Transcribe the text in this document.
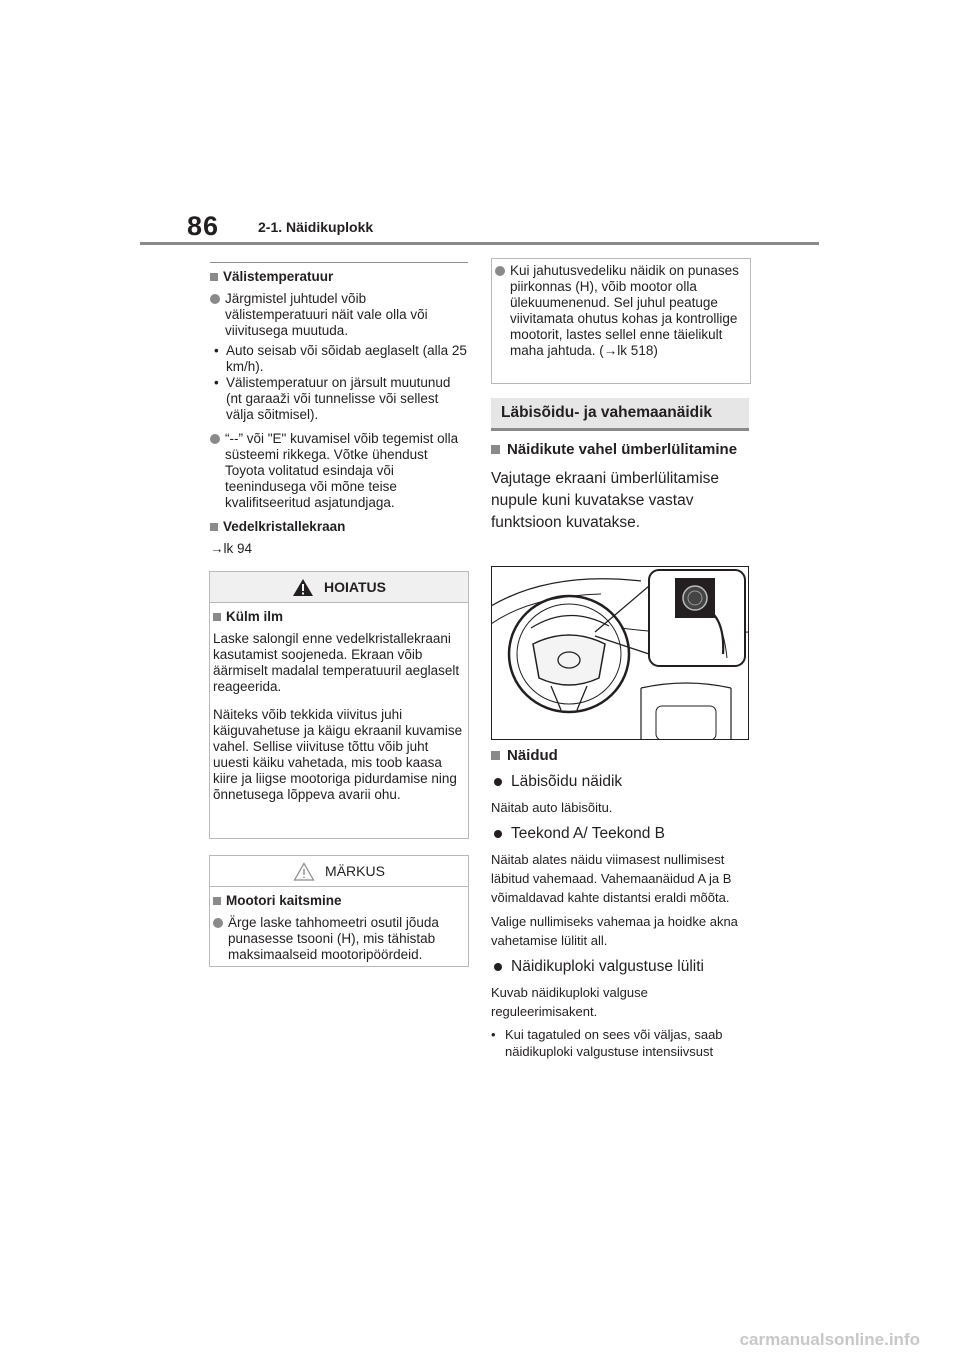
86	2-1. Näidikuplokk
Välistemperatuur
Järgmistel juhtudel võib välistemperatuuri näit vale olla või viivitusega muutuda.
• Auto seisab või sõidab aeglaselt (alla 25 km/h).
• Välistemperatuur on järsult muutunud (nt garaaži või tunnelisse või sellest välja sõitmisel).
“--” või "E" kuvamisel võib tegemist olla süsteemi rikkega. Võtke ühendust Toyota volitatud esindaja või teenindusega või mõne teise kvalifitseeritud asjatundjaga.
Vedelkristallekraan
→lk 94
HOIATUS
Külm ilm
Laske salongil enne vedelkristallekraani kasutamist soojeneda. Ekraan võib äärmiselt madalal temperatuuril aeglaselt reageerida.
Näiteks võib tekkida viivitus juhi käiguvahetuse ja käigu ekraanil kuvamise vahel. Sellise viivituse tõttu võib juht uuesti käiku vahetada, mis toob kaasa kiire ja liigse mootoriga pidurdamise ning õnnetusega lõppeva avarii ohu.
MÄRKUS
Mootori kaitsmine
Ärge laske tahhomeetri osutil jõuda punasesse tsooni (H), mis tähistab maksimaalseid mootoripöördeid.
Kui jahutusvedeliku näidik on punases piirkonnas (H), võib mootor olla ülekuumenenud. Sel juhul peatuge viivitamata ohutus kohas ja kontrollige mootorit, lastes sellel enne täielikult maha jahtuda. (→lk 518)
Läbisõidu- ja vahemaanäidik
Näidikute vahel ümberlülitamine
Vajutage ekraani ümberlülitamise nupule kuni kuvatakse vastav funktsioon kuvatakse.
Näidud
Läbisõidu näidik
Näitab auto läbisõitu.
Teekond A/ Teekond B
Näitab alates näidu viimasest nullimisest läbitud vahemaad. Vahemaanäidud A ja B võimaldavad kahte distantsi eraldi mõõta.
Valige nullimiseks vahemaa ja hoidke akna vahetamise lülitit all.
Näidikuploki valgustuse lüliti
Kuvab näidikuploki valguse reguleerimisakent.
• Kui tagatuled on sees või väljas, saab näidikuploki valgustuse intensiivsust
carmanualsonline.info
